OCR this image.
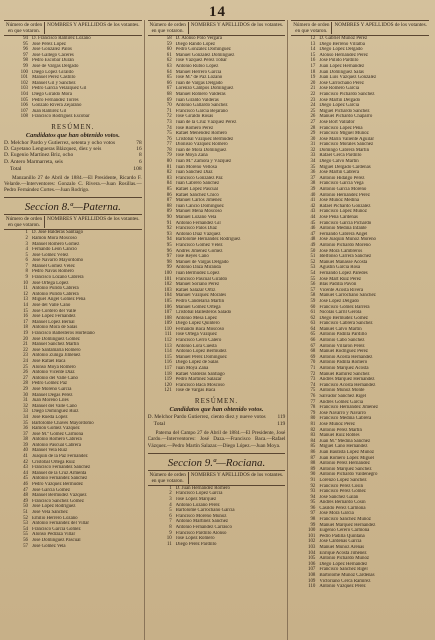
14
Número de orden en que votaron.
NOMBRES Y APELLIDOS de los votantes.
94 D. Francisco Ramírez Lozano
95 José Pérez López
96 José González Palos
97 José Gallego Cáceres
98 Pedro Escobar Durán
99 José de Vargas Delgado
100 Diego López Giraldo
101 Manuel Pérez Castillo
102 Manuel Gil y Sánchez
103 Pedro García Velázquez Gil
104 Diego Giraldo Mora
105 Pedro Fernández Torres
106 Gonzalo Rivera Zejarano
107 Juan Ramírez Gil
108 Francisco Rodríguez Escobar
RESÚMEN.
Candidatos que han obtenido votos.
D. Melchor Pardo y Gutierrez, setenta y ocho votos	78
D. Cayetano Lengueras Blázquez, diez y seis	16
D. Eugenio Martínez Briz, ocho	8
D. Antero Marmarreta, seis	6
Total	108
Manzanillo 27 de Abril de 1884.—El Presidente, Ricardo F. Velarde.—Interventores: Gonzalo C. Rivera.—Juan Rosillas.—Pedro Fernández Cortes.—Juan Rodrigo.
Seccion 8.ª—Paterna.
Número de orden en que votaron.
NOMBRES Y APELLIDOS de los votantes.
1 D. José Balderas Santiago
2 Ramón Mora Moscoso
3 Manuel Romero Gómez
4 Fernando León Cancio
5 José Gómez Vélez
6 José Navarro Mayordomo
7 Manuel Gómez Vélez
8 Pedro Navas Romero
9 Francisco Lozano Cabrera
10 José Ortega López
11 Antonio Pulido Cabrera
12 Antonio Pulido Cabrera
13 Miguel Ángel Gómez Peña
14 José del Valle Cano
15 José Cordero del Valle
16 José López Fernández
17 Manuel López Bernal
18 Antonio Mora de Salas
19 Francisco Ballesteros Hortelano
20 José Domínguez Gómez
21 Manuel Sánchez Martín
22 José Santamaría Romero
23 Antonio Zuñiga Jiménez
24 José Rafael Baca
25 Alonso Moya Romero
26 Antonio Vicente Diaz
27 Antonio del Valle Cano
28 Pedro Gómez Paz
29 José Moreno García
30 Manuel Degas Pérez
31 Juan Moreno Liles
32 Manuel del Valle Cano
33 Diego Domínguez Ruiz
34 José Rueda López
35 Bartolomé Chaves Mayordomo
36 Ramón Gómez Vázquez
37 José M.ª Gómez Carmona
38 Antonio Romero Cabrera
39 Antonio Pascual Cabrera
40 Manuel Vela Ruiz
41 Joaquín de la Paz Fernández
42 Cristóbal Ortega Ruiz
43 Francisco Fernández Sánchez
44 Manuel de la Cruz Armenta
45 Antonio Fernández Sánchez
46 Pedro Vázquez Bermudez
47 José García Gómez
48 Manuel Bermúdez Vázquez
49 Francisco Sánchez Gómez
50 José López Rodríguez
51 José Vela Sánchez
52 Emilio Herrero Lozano
53 Antonio Fernández del Villar
54 Francisco García Gómez
55 Alonso Pedraza Villar
56 José Domínguez Pascual
57 José Gómez Vela
Número de orden en que votaron.
NOMBRES Y APELLIDOS de los votantes.
58 D. Alonso Polo Vergara
59 Diego Rando López
60 Pedro González Domínguez
61 Manuel Gonzalez Domínguez
62 José Vázquez Pérez Tobar
63 Antonio Rubio López
64 Manuel Herrero García
65 José M.ª de Paz Lozano
66 Juan de Vargas Delgado
67 Lorenzo Campos Domínguez
68 Manuel Romero Valderas
69 Juan Giraldo Valderas
70 Antonio Gallardo Sánchez
71 Francisco García Bejarano
72 José Giraldo Rosas
73 Juan de la Cruz Vázquez Pérez
74 José Romero Pérez
75 Rafael Menéndez Romero
76 Cristóbal Vázquez Bermúdez
77 Dionisio Vázquez Romero
78 Juan de Mora Domínguez
79 José Moya Zana
80 Juan M.ª Zamora y Vázquez
81 Juan Moreno Vellosa
82 Juan Sánchez Diaz
83 Francisco González Paz
84 Juan Cabrero Sánchez
85 Rafael López Pascual
86 Rafael Sánchez Chico
87 Manuel Carlos Jiménez
88 Juan Cancio Domínguez
89 Manuel Mena Moscoso
90 Manuel Lozano Vela
91 Antonio Fernández Gil
92 Francisco Palos Diaz
93 Antonio Diaz Vázquez
94 Bartolomé Hernández Rodríguez
95 Francisco Gómez Vélez
96 Andrés Jiménez Gómez
97 José Reyes Cano
98 Manuel de Vargas Delgado
99 Antonio Daza Miranda
100 Juan Bermúdez López
101 Francisco Pascual Giraldo
102 Manuel Soriano Pérez
103 Rafael Salazar Ortiz
104 Manuel Vázquez Morales
105 Pedro Candelaria Martín
106 Manuel Gómez Ortega
107 Cristóbal Ballesteros Salado
108 Antonio Mesa López
109 Diego López Quintero
110 Fernando Baca Moscoso
111 José Ortega Vázquez
112 Francisco Cerro Calero
113 Antonio Lora Cuesta
114 Antonio López Bermúdez
115 Manuel Pérez Domínguez
116 Diego López de Salas
117 Juan Moya Zana
118 Rafael Valderas Santiago
119 Pedro Martínez Salazar
120 Francisco Baca Moscoso
121 José de Vargas Baca
RESÚMEN.
Candidatos que han obtenido votos.
D. Melchor Pardo Gutierrez, ciento diez y nueve votos	119
Total	119
Paterna del Campo 27 de Abril de 1884.—El Presidente, José Cardo.—Interventores: José Daza.—Francisco Baca.—Rafael Vázquez.—Pedro Martín Salazar.—Diego López.—Juan Moya.
Seccion 9.ª—Rociana.
Número de orden en que votaron.
NOMBRES Y APELLIDOS de los votantes.
1 D. Juan Hernández Romero
2 Francisco López Garcia
3 José López Márquez
4 Antonio Lozano Pérez
5 Bartolomé Carrochano García
6 Francisco Moreno Muñoz
7 Antonio Martínez Sánchez
8 Antonio Fernández Carrasco
9 Francisco Pardillo Alonso
10 José López Romero
11 Diego Pérez Pardillo
Número de orden en que votaron.
NOMBRES Y APELLIDOS de los votantes.
12 D. Gabriel Muñoz Pérez
13 Diego Berreno Villalba
14 Diego López Delgado
15 Alonso Hernández Pérez
16 José Pulido Pardillo
17 Juan López Hernández
18 Juan Domínguez Salas
19 Juan Luis Vázquez González
20 José Carrochano Pérez
21 José Romero Garcia
22 Francisco Pichardo Sánchez
23 José Martín Delgado
24 Diego López Garcia
25 Miguel Pichardo Sánchez
26 Manuel Pichardo Chaparro
27 José Bort Vallafor
28 Francisco López Peña
29 Francisco Miguel Muñoz
30 José Marín Valiente Aguilar
31 Francisco Morales Sánchez
32 Domingo Cabrera Martín
33 Rafael Cerca Pardillo
34 Diego Calvo Martín
35 Miguel Delgado Cárdenas
36 José Martín Cabrera
37 Antonio Hidalgo Pérez
38 Francisco Garcia Vega
39 Antonio Garcia Moreno
40 Antonio Hernández Pérez
41 José Muñoz Medina
42 Rafael Pichardo González
43 Francisco López Muñoz
44 José Peña Cárdenas
45 Francisco Garcia Pichardo
46 Antonio Medina Infante
47 Fernando Cabrera Angel
48 José Joaquín Muñoz Moreno
49 Antonio Pichardo Moreno
50 José Mora Cambreros
51 Idelfonso Carrera Sánchez
52 Manuel Manasse Acosta
53 Agustín Garcia Rosa
54 Fernando López Paredes
55 José Mart Ruiz Pérez
56 Blas Padilla Pavón
57 Vicente Acosta Rivera
58 Manuel Carrochano Sánchez
59 José López Delgado
60 Francisco Gómez Barrera
61 Nicolás Carril Gerola
62 Diego Bermúdez Gómez
63 Francisco Cabrera Sánchez
64 Manuel Calvo Martín
65 Antonio Padilla Pardillo
66 Antonio Cabo Sánchez
67 Antonio Villaron Pérez
68 Manuel Rodríguez Pérez
69 Antonio Acosta Hernández
70 Antonio Padilla Romero
71 Antonio Márquez Acosta
72 Manuel Ramírez Sánchez
73 Andrés Márquez Hernández
74 Francisco Acosta Hernández
75 Antonio Muñoz Monte
76 Salvador Sánchez Rigel
77 Andrés Gómez Garcia
78 Francisco Hernández Jiménez
79 José Navarro y Navarro
80 Francisco Medina Cabrera
81 José Muñoz Pérez
82 Antonio Pérez Martín
83 Manuel Ruiz Robles
84 Juan M.ª Medina Sánchez
85 Miguel Cano Hernández
86 Juan Bautista López Muñoz
87 Juan Romero López Miguel
88 Antonio Pérez Hernández
89 Antonio Márquez Sánchez
90 Antonio Pichardo Valdenegro
91 Lorenzo López Sánchez
92 Francisco Pérez Cosín
93 Francisco Pérez Gómez
94 José Sánchez Galán
95 Andrés Bernardo Cosin
96 Casildo Pérez Carmona
97 José Mora Garcia
98 Francisco Sánchez Muñoz
99 Manuel Márquez Hernández
100 Eugenio Cerero Carmona
101 Pedro Padilla Quintana
102 José Cárdenas Garcia
103 Manuel Muñoz Arenas
104 Enrique Acosta Jiménez
105 Antonio Pichardo Muñoz
106 Diego López Hernández
107 Francisco Sánchez Rigel
108 Bartolomé Muñoz Cárdenas
109 Victoriano Cerca Ramírez
110 Antonio Vázquez Pérez
